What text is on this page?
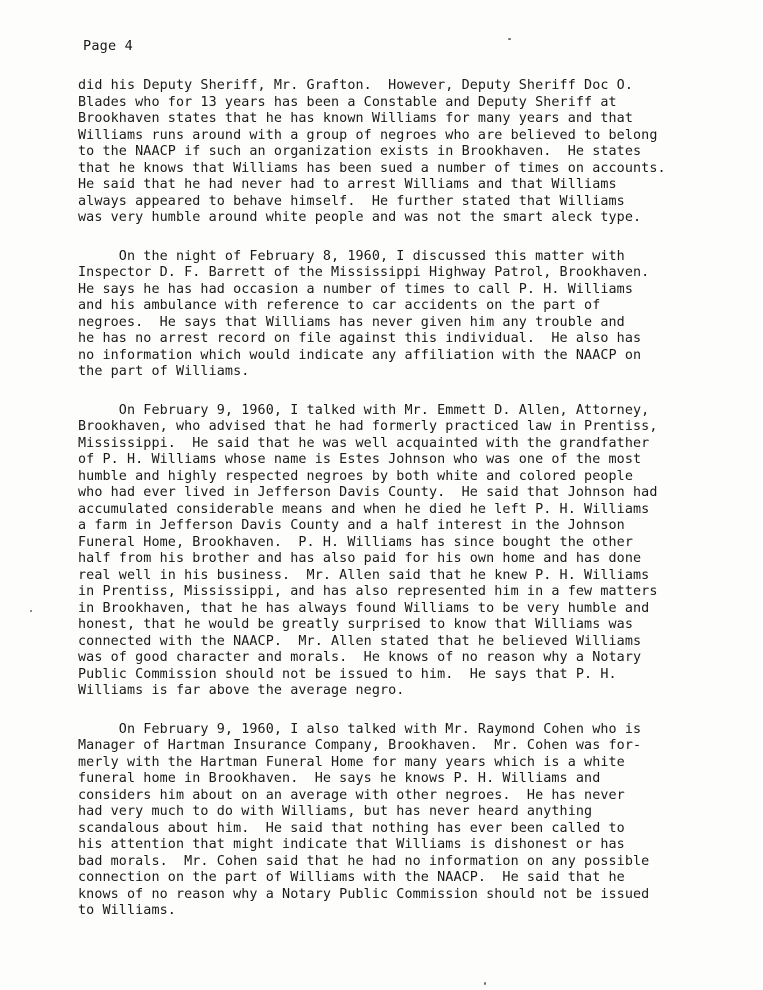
Page 4
did his Deputy Sheriff, Mr. Grafton.  However, Deputy Sheriff Doc O.
Blades who for 13 years has been a Constable and Deputy Sheriff at
Brookhaven states that he has known Williams for many years and that
Williams runs around with a group of negroes who are believed to belong
to the NAACP if such an organization exists in Brookhaven.  He states
that he knows that Williams has been sued a number of times on accounts.
He said that he had never had to arrest Williams and that Williams
always appeared to behave himself.  He further stated that Williams
was very humble around white people and was not the smart aleck type.
On the night of February 8, 1960, I discussed this matter with
Inspector D. F. Barrett of the Mississippi Highway Patrol, Brookhaven.
He says he has had occasion a number of times to call P. H. Williams
and his ambulance with reference to car accidents on the part of
negroes.  He says that Williams has never given him any trouble and
he has no arrest record on file against this individual.  He also has
no information which would indicate any affiliation with the NAACP on
the part of Williams.
On February 9, 1960, I talked with Mr. Emmett D. Allen, Attorney,
Brookhaven, who advised that he had formerly practiced law in Prentiss,
Mississippi.  He said that he was well acquainted with the grandfather
of P. H. Williams whose name is Estes Johnson who was one of the most
humble and highly respected negroes by both white and colored people
who had ever lived in Jefferson Davis County.  He said that Johnson had
accumulated considerable means and when he died he left P. H. Williams
a farm in Jefferson Davis County and a half interest in the Johnson
Funeral Home, Brookhaven.  P. H. Williams has since bought the other
half from his brother and has also paid for his own home and has done
real well in his business.  Mr. Allen said that he knew P. H. Williams
in Prentiss, Mississippi, and has also represented him in a few matters
in Brookhaven, that he has always found Williams to be very humble and
honest, that he would be greatly surprised to know that Williams was
connected with the NAACP.  Mr. Allen stated that he believed Williams
was of good character and morals.  He knows of no reason why a Notary
Public Commission should not be issued to him.  He says that P. H.
Williams is far above the average negro.
On February 9, 1960, I also talked with Mr. Raymond Cohen who is
Manager of Hartman Insurance Company, Brookhaven.  Mr. Cohen was for-
merly with the Hartman Funeral Home for many years which is a white
funeral home in Brookhaven.  He says he knows P. H. Williams and
considers him about on an average with other negroes.  He has never
had very much to do with Williams, but has never heard anything
scandalous about him.  He said that nothing has ever been called to
his attention that might indicate that Williams is dishonest or has
bad morals.  Mr. Cohen said that he had no information on any possible
connection on the part of Williams with the NAACP.  He said that he
knows of no reason why a Notary Public Commission should not be issued
to Williams.
